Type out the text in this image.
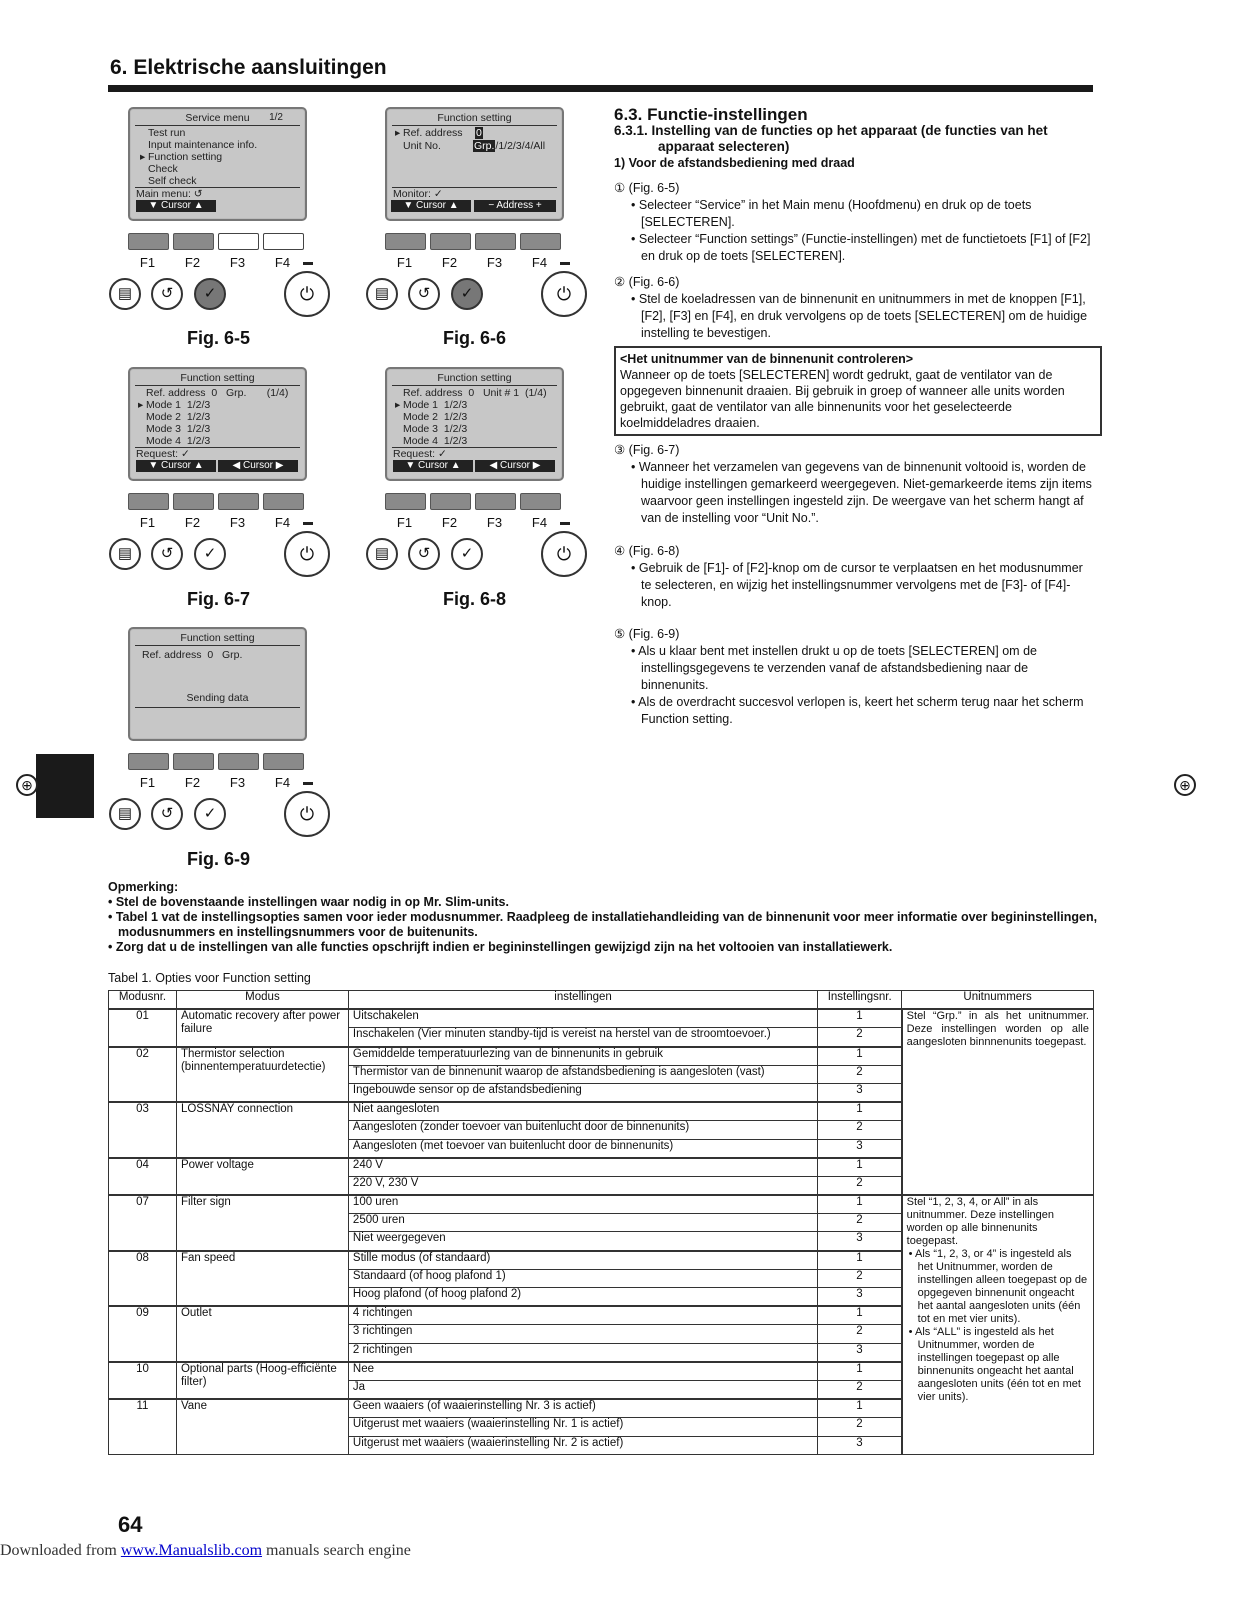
6. Elektrische aansluitingen
Service menu	1/2
Test run
Input maintenance info.
▸ Function setting
Check
Self check
Main menu: ↺
▼ Cursor ▲
F1	F2	F3	F4
▤	↺	✓	⏻
Fig. 6-5
Function setting
▸ Ref. address 0
Unit No.	Grp./1/2/3/4/All
Monitor: ✓
▼ Cursor ▲	− Address +
F1	F2	F3	F4
▤	↺	✓	⏻
Fig. 6-6
Function setting
Ref. address  0   Grp.       (1/4)
▸ Mode 1  1/2/3
Mode 2  1/2/3
Mode 3  1/2/3
Mode 4  1/2/3
Request: ✓
▼ Cursor ▲	◀ Cursor ▶
F1	F2	F3	F4
▤	↺	✓	⏻
Fig. 6-7
Function setting
Ref. address  0   Unit # 1  (1/4)
▸ Mode 1  1/2/3
Mode 2  1/2/3
Mode 3  1/2/3
Mode 4  1/2/3
Request: ✓
▼ Cursor ▲	◀ Cursor ▶
F1	F2	F3	F4
▤	↺	✓	⏻
Fig. 6-8
Function setting
Ref. address  0   Grp.
Sending data
F1	F2	F3	F4
▤	↺	✓	⏻
Fig. 6-9
⊕	⊕
6.3. Functie-instellingen
6.3.1. Instelling van de functies op het apparaat (de functies van het apparaat selecteren)
1) Voor de afstandsbediening med draad
① (Fig. 6-5)
• Selecteer “Service” in het Main menu (Hoofdmenu) en druk op de toets [SELECTEREN].
• Selecteer “Function settings” (Functie-instellingen) met de functietoets [F1] of [F2] en druk op de toets [SELECTEREN].
② (Fig. 6-6)
• Stel de koeladressen van de binnenunit en unitnummers in met de knoppen [F1], [F2], [F3] en [F4], en druk vervolgens op de toets [SELECTEREN] om de huidige instelling te bevestigen.
<Het unitnummer van de binnenunit controleren>
Wanneer op de toets [SELECTEREN] wordt gedrukt, gaat de ventilator van de opgegeven binnenunit draaien. Bij gebruik in groep of wanneer alle units worden gebruikt, gaat de ventilator van alle binnenunits voor het geselecteerde koelmiddeladres draaien.
③ (Fig. 6-7)
• Wanneer het verzamelen van gegevens van de binnenunit voltooid is, worden de huidige instellingen gemarkeerd weergegeven. Niet-gemarkeerde items zijn items waarvoor geen instellingen ingesteld zijn. De weergave van het scherm hangt af van de instelling voor “Unit No.”.
④ (Fig. 6-8)
• Gebruik de [F1]- of [F2]-knop om de cursor te verplaatsen en het modusnummer te selecteren, en wijzig het instellingsnummer vervolgens met de [F3]- of [F4]- knop.
⑤ (Fig. 6-9)
• Als u klaar bent met instellen drukt u op de toets [SELECTEREN] om de instellingsgegevens te verzenden vanaf de afstandsbediening naar de binnenunits.
• Als de overdracht succesvol verlopen is, keert het scherm terug naar het scherm Function setting.
Opmerking:
• Stel de bovenstaande instellingen waar nodig in op Mr. Slim-units.
• Tabel 1 vat de instellingsopties samen voor ieder modusnummer. Raadpleeg de installatiehandleiding van de binnenunit voor meer informatie over begininstellingen, modusnummers en instellingsnummers voor de buitenunits.
• Zorg dat u de instellingen van alle functies opschrijft indien er begininstellingen gewijzigd zijn na het voltooien van installatiewerk.
Tabel 1. Opties voor Function setting
Modusnr.	Modus	instellingen	Instellingsnr.	Unitnummers
01	Automatic recovery after power failure	Uitschakelen	1	Stel “Grp.” in als het unitnummer. Deze instellingen worden op alle aangesloten binnnenunits toegepast.
		Inschakelen (Vier minuten standby-tijd is vereist na herstel van de stroomtoevoer.)	2	
02	Thermistor selection (binnentemperatuurdetectie)	Gemiddelde temperatuurlezing van de binnenunits in gebruik	1	
		Thermistor van de binnenunit waarop de afstandsbediening is aangesloten (vast)	2	
		Ingebouwde sensor op de afstandsbediening	3	
03	LOSSNAY connection	Niet aangesloten	1	
		Aangesloten (zonder toevoer van buitenlucht door de binnenunits)	2	
		Aangesloten (met toevoer van buitenlucht door de binnenunits)	3	
04	Power voltage	240 V	1	
		220 V, 230 V	2	
07	Filter sign	100 uren	1	Stel “1, 2, 3, 4, or All” in als unitnummer. Deze instellingen worden op alle binnenunits toegepast.
• Als “1, 2, 3, or 4” is ingesteld als het Unitnummer, worden de instellingen alleen toegepast op de opgegeven binnenunit ongeacht het aantal aangesloten units (één tot en met vier units).
• Als “ALL” is ingesteld als het Unitnummer, worden de instellingen toegepast op alle binnenunits ongeacht het aantal aangesloten units (één tot en met vier units).

		2500 uren	2	
		Niet weergegeven	3	
08	Fan speed	Stille modus (of standaard)	1	
		Standaard (of hoog plafond 1)	2	
		Hoog plafond (of hoog plafond 2)	3	
09	Outlet	4 richtingen	1	
		3 richtingen	2	
		2 richtingen	3	
10	Optional parts (Hoog-efficiënte filter)	Nee	1	
		Ja	2	
11	Vane	Geen waaiers (of waaierinstelling Nr. 3 is actief)	1	
		Uitgerust met waaiers (waaierinstelling Nr. 1 is actief)	2	
		Uitgerust met waaiers (waaierinstelling Nr. 2 is actief)	3	
64
Downloaded from www.Manualslib.com manuals search engine
